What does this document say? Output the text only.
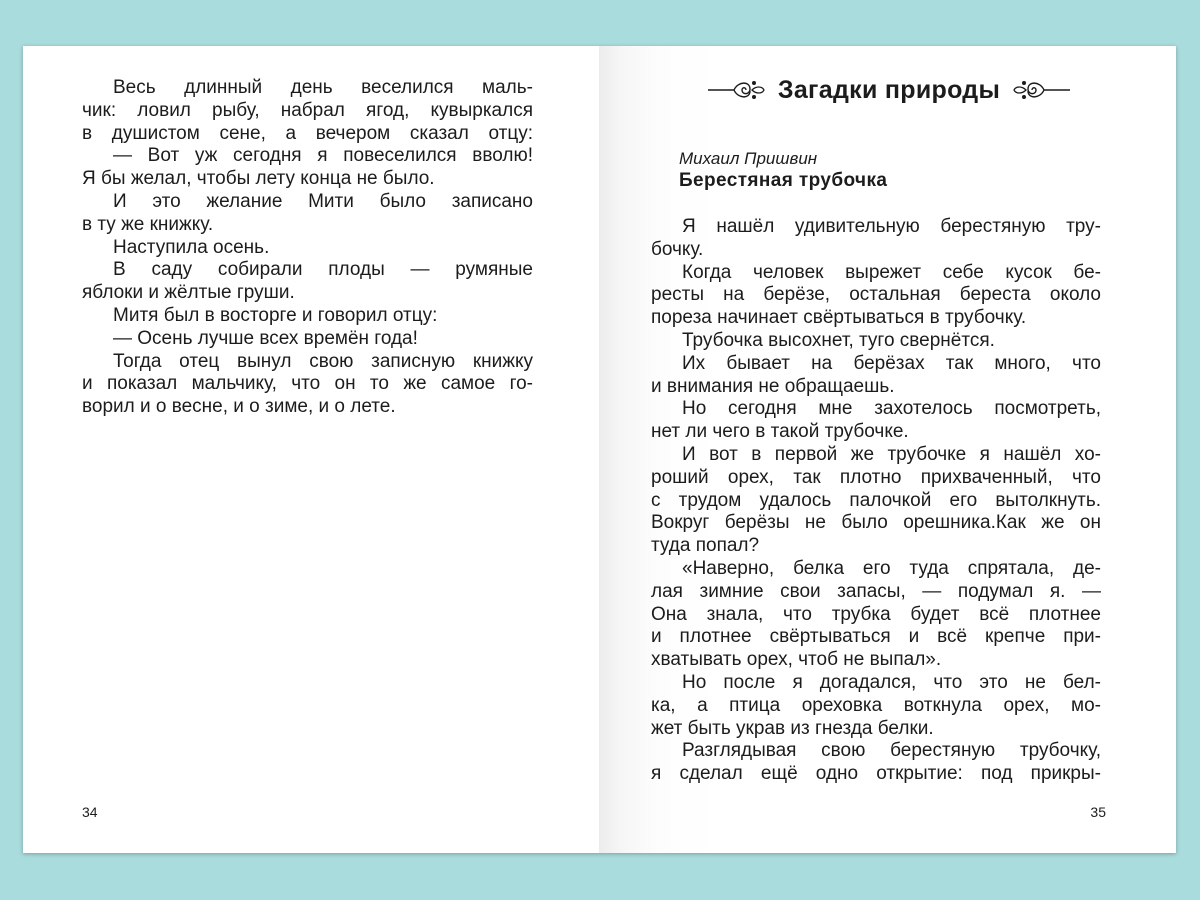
Весь длинный день веселился маль-
чик: ловил рыбу, набрал ягод, кувыркался
в душистом сене, а вечером сказал отцу:
— Вот уж сегодня я повеселился вволю!
Я бы желал, чтобы лету конца не было.
И это желание Мити было записано
в ту же книжку.
Наступила осень.
В саду собирали плоды — румяные
яблоки и жёлтые груши.
Митя был в восторге и говорил отцу:
— Осень лучше всех времён года!
Тогда отец вынул свою записную книжку
и показал мальчику, что он то же самое го-
ворил и о весне, и о зиме, и о лете.
34
Загадки природы
Михаил Пришвин
Берестяная трубочка
Я нашёл удивительную берестяную тру-
бочку.
Когда человек вырежет себе кусок бе-
ресты на берёзе, остальная береста около
пореза начинает свёртываться в трубочку.
Трубочка высохнет, туго свернётся.
Их бывает на берёзах так много, что
и внимания не обращаешь.
Но сегодня мне захотелось посмотреть,
нет ли чего в такой трубочке.
И вот в первой же трубочке я нашёл хо-
роший орех, так плотно прихваченный, что
с трудом удалось палочкой его вытолкнуть.
Вокруг берёзы не было орешника.Как же он
туда попал?
«Наверно, белка его туда спрятала, де-
лая зимние свои запасы, — подумал я. —
Она знала, что трубка будет всё плотнее
и плотнее свёртываться и всё крепче при-
хватывать орех, чтоб не выпал».
Но после я догадался, что это не бел-
ка, а птица ореховка воткнула орех, мо-
жет быть украв из гнезда белки.
Разглядывая свою берестяную трубочку,
я сделал ещё одно открытие: под прикры-
35
